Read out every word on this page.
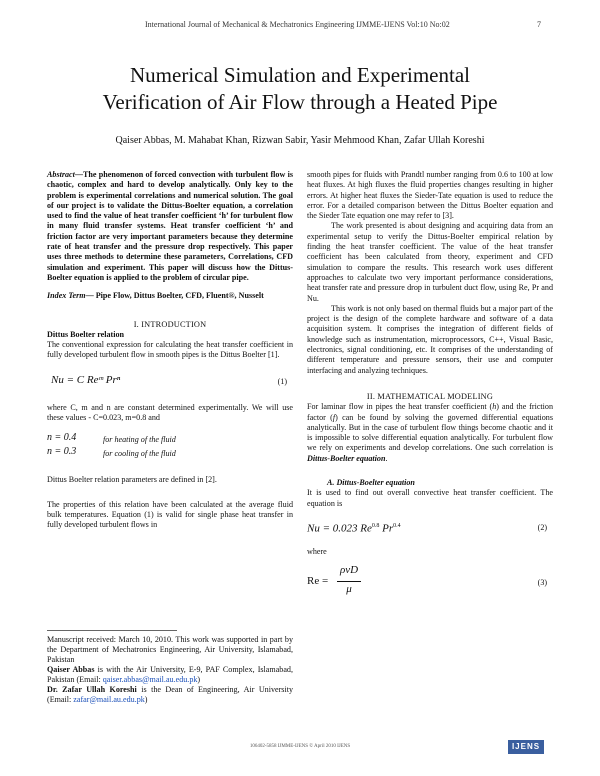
International Journal of Mechanical & Mechatronics Engineering IJMME-IJENS Vol:10 No:02	7
Numerical Simulation and Experimental
Verification of Air Flow through a Heated Pipe
Qaiser Abbas, M. Mahabat Khan, Rizwan Sabir, Yasir Mehmood Khan, Zafar Ullah Koreshi

Abstract—The phenomenon of forced convection with turbulent flow is chaotic, complex and hard to develop analytically. Only key to the problem is experimental correlations and numerical solution. The goal of our project is to validate the Dittus-Boelter equation, a correlation used to find the value of heat transfer coefficient ‘h’ for turbulent flow in many fluid transfer systems. Heat transfer coefficient ‘h’ and friction factor are very important parameters because they determine rate of heat transfer and the pressure drop respectively. This paper uses three methods to determine these parameters, Correlations, CFD simulation and experiment. This paper will discuss how the Dittus-Boelter equation is applied to the problem of circular pipe.

Index Term— Pipe Flow, Dittus Boelter, CFD, Fluent®, Nusselt

I. INTRODUCTION

Dittus Boelter relation

The conventional expression for calculating the heat transfer coefficient in fully developed turbulent flow in smooth pipes is the Dittus Boelter [1].

Nu = C Reᵐ Prⁿ	(1)

where C, m and n are constant determined experimentally. We will use these values - C=0.023, m=0.8 and

n = 0.4	for heating of the fluid
n = 0.3	for cooling of the fluid

Dittus Boelter relation parameters are defined in [2].

The properties of this relation have been calculated at the average fluid bulk temperatures. Equation (1) is valid for single phase heat transfer in fully developed turbulent flows in

Manuscript received: March 10, 2010. This work was supported in part by the Department of Mechatronics Engineering, Air University, Islamabad, Pakistan

Qaiser Abbas is with the Air University, E-9, PAF Complex, Islamabad, Pakistan (Email: qaiser.abbas@mail.au.edu.pk)

Dr. Zafar Ullah Koreshi is the Dean of Engineering, Air University (Email: zafar@mail.au.edu.pk)

smooth pipes for fluids with Prandtl number ranging from 0.6 to 100 at low heat fluxes. At high fluxes the fluid properties changes resulting in higher errors. At higher heat fluxes the Sieder-Tate equation is used to reduce the error. For a detailed comparison between the Dittus Boelter equation and the Sieder Tate equation one may refer to [3].

The work presented is about designing and acquiring data from an experimental setup to verify the Dittus-Boelter empirical relation by finding the heat transfer coefficient. The value of the heat transfer coefficient has been calculated from theory, experiment and CFD simulation to compare the results. This research work uses different approaches to calculate two very important performance considerations, heat transfer rate and pressure drop in turbulent duct flow, using Re, Pr and Nu.

This work is not only based on thermal fluids but a major part of the project is the design of the complete hardware and software of a data acquisition system. It comprises the integration of different fields of knowledge such as instrumentation, microprocessors, C++, Visual Basic, electronics, signal conditioning, etc. It comprises of the understanding of different temperature and pressure sensors, their use and computer interfacing and analyzing techniques.

II. MATHEMATICAL MODELING

For laminar flow in pipes the heat transfer coefficient (h) and the friction factor (f) can be found by solving the governed differential equations analytically. But in the case of turbulent flow things become chaotic and it is impossible to solve differential equation analytically. For turbulent flow we rely on experiments and develop correlations. One such correlation is Dittus-Boelter equation.

A. Dittus-Boelter equation

It is used to find out overall convective heat transfer coefficient. The equation is

Nu = 0.023 $Re^{0.8}$ $Pr^{0.4}$	(2)

where

Re =
ρvD
μ
(3)
106402-5858 IJMME-IJENS © April 2010 IJENS	IJENS
